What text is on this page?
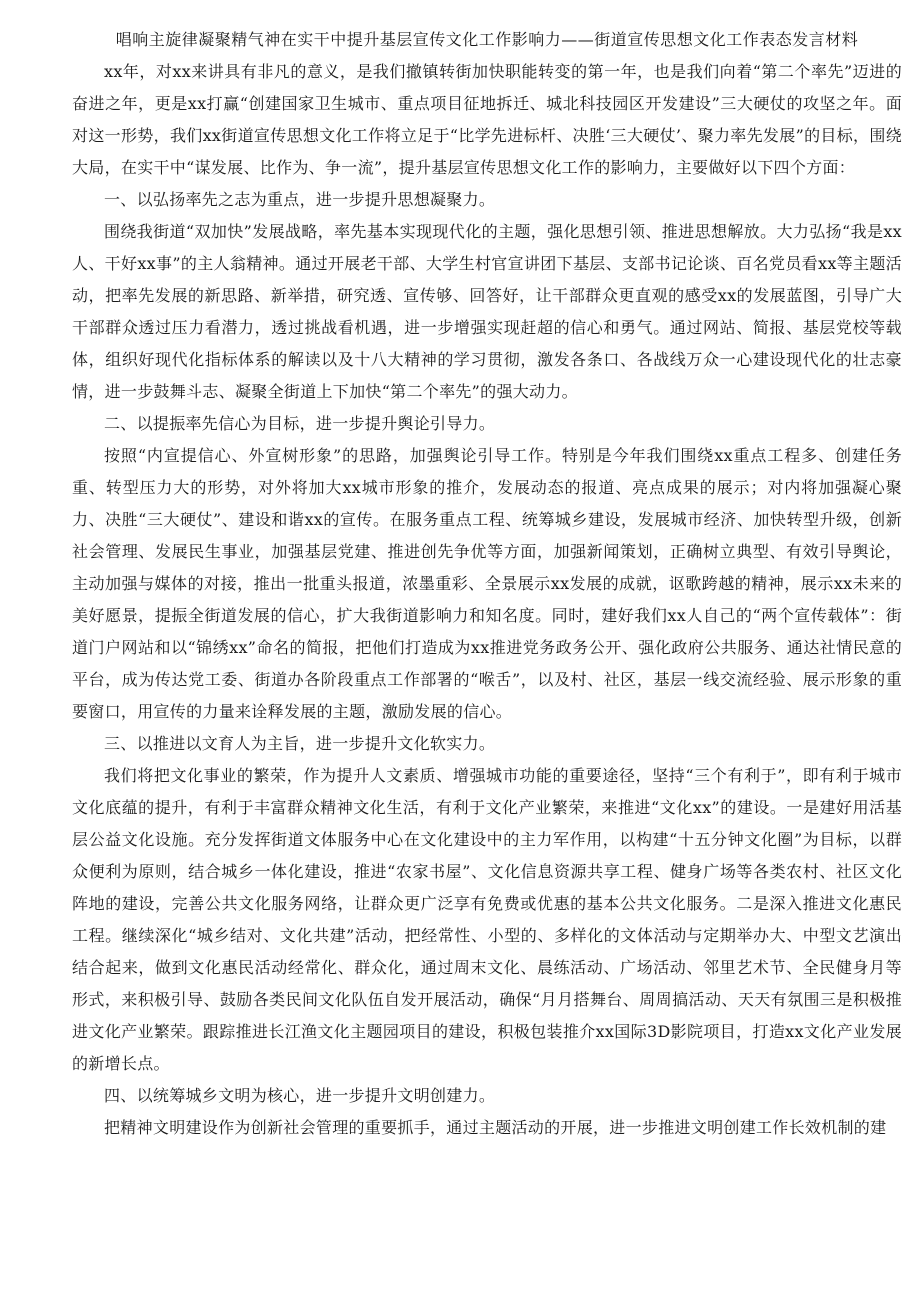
唱响主旋律凝聚精气神在实干中提升基层宣传文化工作影响力——街道宣传思想文化工作表态发言材料

xx年，对xx来讲具有非凡的意义，是我们撤镇转街加快职能转变的第一年，也是我们向着“第二个率先”迈进的奋进之年，更是xx打赢“创建国家卫生城市、重点项目征地拆迁、城北科技园区开发建设”三大硬仗的攻坚之年。面对这一形势，我们xx街道宣传思想文化工作将立足于“比学先进标杆、决胜‘三大硬仗’、聚力率先发展”的目标，围绕大局，在实干中“谋发展、比作为、争一流”，提升基层宣传思想文化工作的影响力，主要做好以下四个方面：

一、以弘扬率先之志为重点，进一步提升思想凝聚力。

围绕我街道“双加快”发展战略，率先基本实现现代化的主题，强化思想引领、推进思想解放。大力弘扬“我是xx人、干好xx事”的主人翁精神。通过开展老干部、大学生村官宣讲团下基层、支部书记论谈、百名党员看xx等主题活动，把率先发展的新思路、新举措，研究透、宣传够、回答好，让干部群众更直观的感受xx的发展蓝图，引导广大干部群众透过压力看潜力，透过挑战看机遇，进一步增强实现赶超的信心和勇气。通过网站、简报、基层党校等载体，组织好现代化指标体系的解读以及十八大精神的学习贯彻，激发各条口、各战线万众一心建设现代化的壮志豪情，进一步鼓舞斗志、凝聚全街道上下加快“第二个率先”的强大动力。

二、以提振率先信心为目标，进一步提升舆论引导力。

按照“内宣提信心、外宣树形象”的思路，加强舆论引导工作。特别是今年我们围绕xx重点工程多、创建任务重、转型压力大的形势，对外将加大xx城市形象的推介，发展动态的报道、亮点成果的展示；对内将加强凝心聚力、决胜“三大硬仗”、建设和谐xx的宣传。在服务重点工程、统筹城乡建设，发展城市经济、加快转型升级，创新社会管理、发展民生事业，加强基层党建、推进创先争优等方面，加强新闻策划，正确树立典型、有效引导舆论，主动加强与媒体的对接，推出一批重头报道，浓墨重彩、全景展示xx发展的成就，讴歌跨越的精神，展示xx未来的美好愿景，提振全街道发展的信心，扩大我街道影响力和知名度。同时，建好我们xx人自己的“两个宣传载体”：街道门户网站和以“锦绣xx”命名的简报，把他们打造成为xx推进党务政务公开、强化政府公共服务、通达社情民意的平台，成为传达党工委、街道办各阶段重点工作部署的“喉舌”，以及村、社区，基层一线交流经验、展示形象的重要窗口，用宣传的力量来诠释发展的主题，激励发展的信心。

三、以推进以文育人为主旨，进一步提升文化软实力。

我们将把文化事业的繁荣，作为提升人文素质、增强城市功能的重要途径，坚持“三个有利于”，即有利于城市文化底蕴的提升，有利于丰富群众精神文化生活，有利于文化产业繁荣，来推进“文化xx”的建设。一是建好用活基层公益文化设施。充分发挥街道文体服务中心在文化建设中的主力军作用，以构建“十五分钟文化圈”为目标，以群众便利为原则，结合城乡一体化建设，推进“农家书屋”、文化信息资源共享工程、健身广场等各类农村、社区文化阵地的建设，完善公共文化服务网络，让群众更广泛享有免费或优惠的基本公共文化服务。二是深入推进文化惠民工程。继续深化“城乡结对、文化共建”活动，把经常性、小型的、多样化的文体活动与定期举办大、中型文艺演出结合起来，做到文化惠民活动经常化、群众化，通过周末文化、晨练活动、广场活动、邻里艺术节、全民健身月等形式，来积极引导、鼓励各类民间文化队伍自发开展活动，确保“月月搭舞台、周周搞活动、天天有氛围三是积极推进文化产业繁荣。跟踪推进长江渔文化主题园项目的建设，积极包装推介xx国际3D影院项目，打造xx文化产业发展的新增长点。

四、以统筹城乡文明为核心，进一步提升文明创建力。

把精神文明建设作为创新社会管理的重要抓手，通过主题活动的开展，进一步推进文明创建工作长效机制的建
